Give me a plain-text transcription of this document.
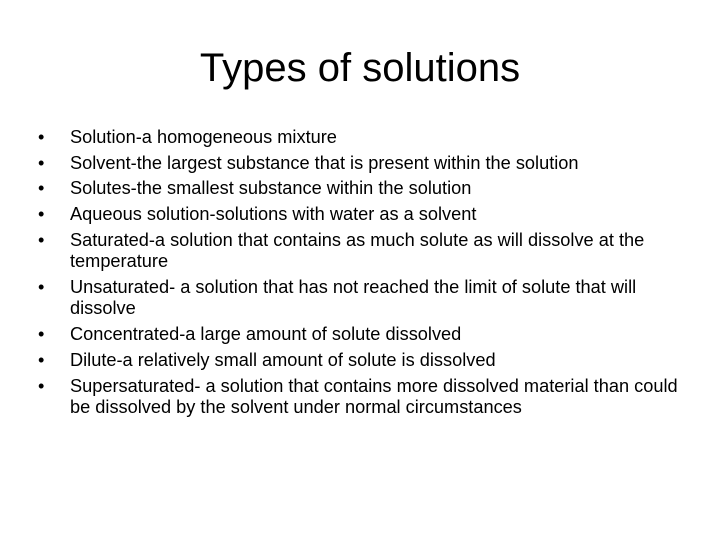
Types of solutions
•	Solution-a homogeneous mixture
•	Solvent-the largest substance that is present within the solution
•	Solutes-the smallest substance within the solution
•	Aqueous solution-solutions with water as a solvent
•	Saturated-a solution that contains as much solute as will dissolve at the temperature
•	Unsaturated- a solution that has not reached the limit of solute that will dissolve
•	Concentrated-a large amount of solute dissolved
•	Dilute-a relatively small amount of solute is dissolved
•	Supersaturated- a solution that contains more dissolved material than could be dissolved by the solvent under normal circumstances
